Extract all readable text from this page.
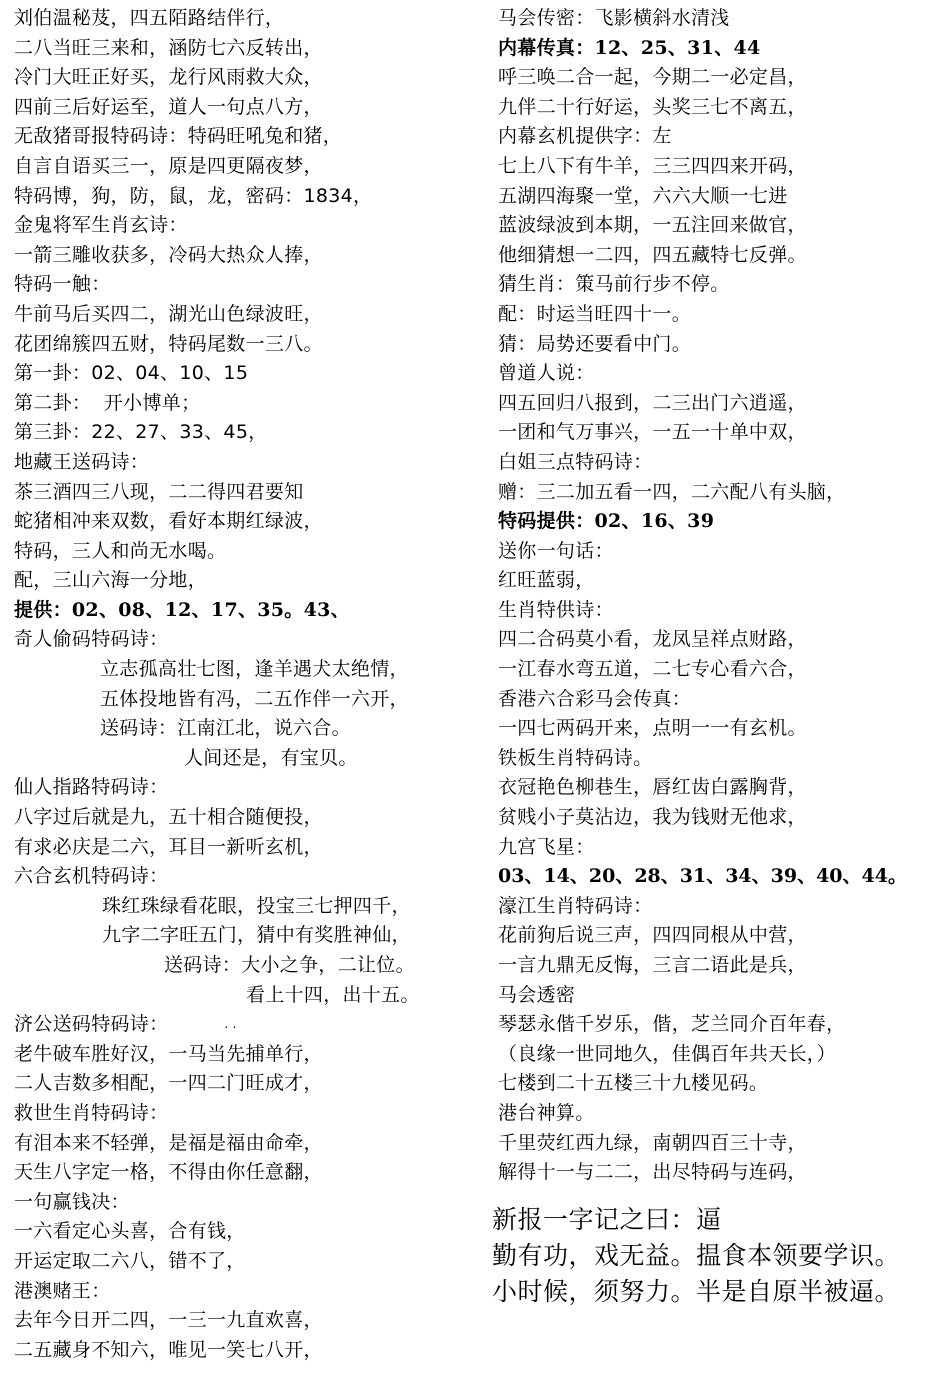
刘伯温秘芨，四五陌路结伴行，
二八当旺三来和，涵防七六反转出，
冷门大旺正好买，龙行风雨救大众，
四前三后好运至，道人一句点八方，
无敌猪哥报特码诗：特码旺吼兔和猪，
自言自语买三一，原是四更隔夜梦，
特码博，狗，防，鼠，龙，密码：1834，
金鬼将军生肖玄诗：
一箭三雕收获多，冷码大热众人捧，
特码一触：
牛前马后买四二，湖光山色绿波旺，
花团绵簇四五财，特码尾数一三八。
第一卦：02、04、10、15
第二卦：  开小博单；
第三卦：22、27、33、45，
地藏王送码诗：
茶三酒四三八现，二二得四君要知
蛇猪相冲来双数，看好本期红绿波，
特码，三人和尚无水喝。
配，三山六海一分地，
提供：02、08、12、17、35。43、
奇人偷码特码诗：
立志孤高壮七图，逢羊遇犬太绝情，
五体投地皆有冯，二五作伴一六开，
送码诗：江南江北，说六合。
人间还是，有宝贝。
仙人指路特码诗：
八字过后就是九，五十相合随便投，
有求必庆是二六，耳目一新听玄机，
六合玄机特码诗：
珠红珠绿看花眼，投宝三七押四千，
九字二字旺五门，猜中有奖胜神仙，
送码诗：大小之争，二让位。
看上十四，出十五。
济公送码特码诗：	. .
老牛破车胜好汉，一马当先捕单行，
二人吉数多相配，一四二门旺成才，
救世生肖特码诗：
有泪本来不轻弹，是福是福由命牵，
天生八字定一格，不得由你任意翻，
一句赢钱决：
一六看定心头喜，合有钱，
开运定取二六八，错不了，
港澳赌王：
去年今日开二四，一三一九直欢喜，
二五藏身不知六，唯见一笑七八开，
马会传密：飞影横斜水清浅
内幕传真：12、25、31、44
呼三唤二合一起，今期二一必定昌，
九伴二十行好运，头奖三七不离五，
内幕玄机提供字：左
七上八下有牛羊，三三四四来开码，
五湖四海聚一堂，六六大顺一七进
蓝波绿波到本期，一五注回来做官，
他细猜想一二四，四五藏特七反弹。
猜生肖：策马前行步不停。
配：时运当旺四十一。
猜：局势还要看中门。
曾道人说：
四五回归八报到，二三出门六逍遥，
一团和气万事兴，一五一十单中双，
白姐三点特码诗：
赠：三二加五看一四，二六配八有头脑，
特码提供：02、16、39
送你一句话：
红旺蓝弱，
生肖特供诗：
四二合码莫小看，龙凤呈祥点财路，
一江春水弯五道，二七专心看六合，
香港六合彩马会传真：
一四七两码开来，点明一一有玄机。
铁板生肖特码诗。
衣冠艳色柳巷生，唇红齿白露胸背，
贫贱小子莫沾边，我为钱财无他求，
九宫飞星：
03、14、20、28、31、34、39、40、44。
濠江生肖特码诗：
花前狗后说三声，四四同根从中营，
一言九鼎无反悔，三言二语此是兵，
马会透密
琴瑟永偕千岁乐，偕，芝兰同介百年春，
（良缘一世同地久，佳偶百年共天长，）
七楼到二十五楼三十九楼见码。
港台神算。
千里荧红西九绿，南朝四百三十寺，
解得十一与二二，出尽特码与连码，
新报一字记之曰：逼
勤有功，戏无益。揾食本领要学识。
小时候，须努力。半是自原半被逼。
